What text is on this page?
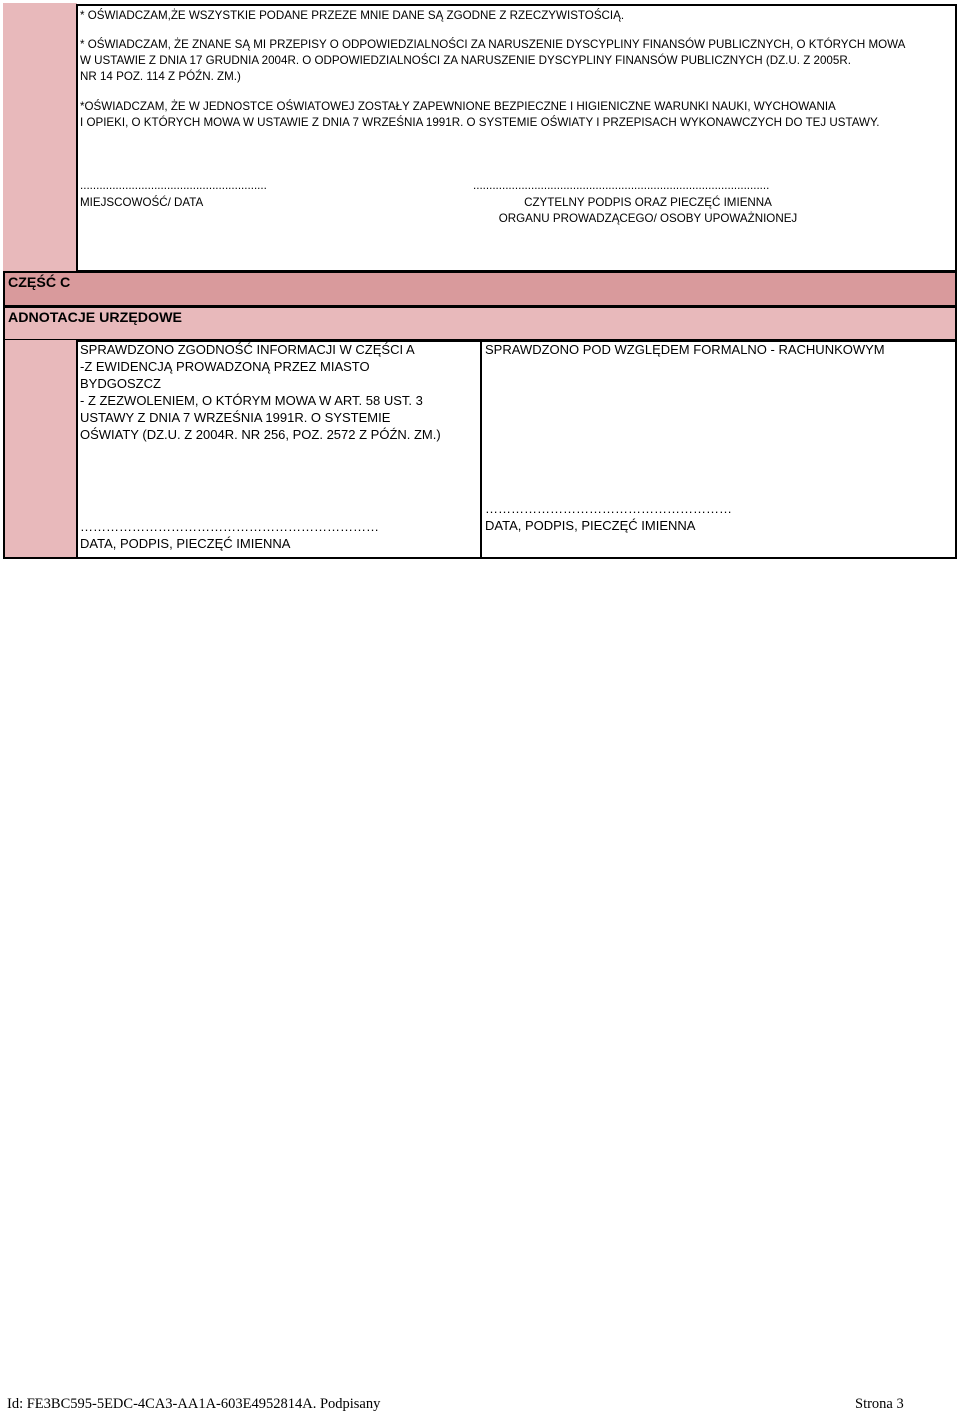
* OŚWIADCZAM,ŻE WSZYSTKIE PODANE PRZEZE MNIE DANE SĄ ZGODNE Z RZECZYWISTOŚCIĄ.
* OŚWIADCZAM, ŻE ZNANE SĄ MI PRZEPISY O ODPOWIEDZIALNOŚCI ZA NARUSZENIE DYSCYPLINY FINANSÓW PUBLICZNYCH, O KTÓRYCH MOWA
W USTAWIE Z DNIA 17 GRUDNIA 2004R. O ODPOWIEDZIALNOŚCI ZA NARUSZENIE DYSCYPLINY FINANSÓW PUBLICZNYCH (DZ.U. Z 2005R.
NR 14 POZ. 114 Z PÓŹN. ZM.)
*OŚWIADCZAM, ŻE W JEDNOSTCE OŚWIATOWEJ ZOSTAŁY ZAPEWNIONE BEZPIECZNE I HIGIENICZNE WARUNKI NAUKI, WYCHOWANIA
I OPIEKI, O KTÓRYCH MOWA W USTAWIE Z DNIA 7 WRZEŚNIA 1991R. O SYSTEMIE OŚWIATY I PRZEPISACH WYKONAWCZYCH DO TEJ USTAWY.
..........................................................
MIEJSCOWOŚĆ/ DATA
............................................................................................
CZYTELNY PODPIS ORAZ PIECZĘĆ IMIENNA
ORGANU PROWADZĄCEGO/ OSOBY UPOWAŻNIONEJ
CZĘŚĆ C
ADNOTACJE URZĘDOWE
SPRAWDZONO ZGODNOŚĆ INFORMACJI W CZĘŚCI A
-Z EWIDENCJĄ PROWADZONĄ PRZEZ MIASTO
BYDGOSZCZ
- Z ZEZWOLENIEM, O KTÓRYM MOWA W ART. 58 UST. 3
USTAWY Z DNIA 7 WRZEŚNIA 1991R. O SYSTEMIE
OŚWIATY (DZ.U. Z 2004R. NR 256, POZ. 2572 Z PÓŹN. ZM.)
……………………………………………………………
DATA, PODPIS, PIECZĘĆ IMIENNA
SPRAWDZONO POD WZGLĘDEM FORMALNO - RACHUNKOWYM
…………………………………………………
DATA, PODPIS, PIECZĘĆ IMIENNA
Id: FE3BC595-5EDC-4CA3-AA1A-603E4952814A. Podpisany	Strona 3
